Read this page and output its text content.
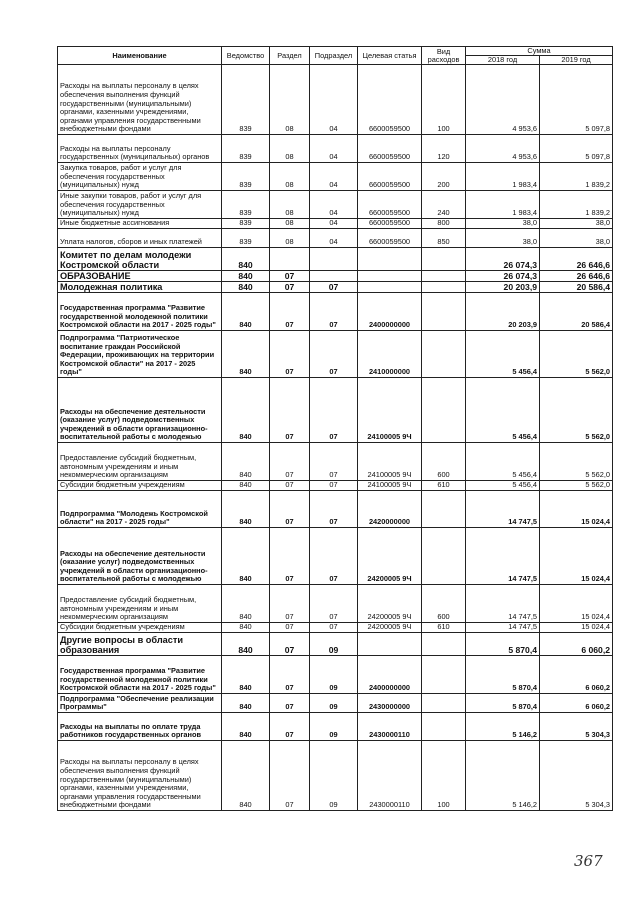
Наименование	Ведомство	Раздел	Подраздел	Целевая статья	Вид расходов	Сумма	
						2018 год	2019 год
Расходы на выплаты персоналу в целях обеспечения выполнения функций государственными (муниципальными) органами, казенными учреждениями, органами управления государственными внебюджетными фондами	839	08	04	6600059500	100	4 953,6	5 097,8
Расходы на выплаты персоналу государственных (муниципальных) органов	839	08	04	6600059500	120	4 953,6	5 097,8
Закупка товаров, работ и услуг для обеспечения государственных (муниципальных) нужд	839	08	04	6600059500	200	1 983,4	1 839,2
Иные закупки товаров, работ и услуг для обеспечения государственных (муниципальных) нужд	839	08	04	6600059500	240	1 983,4	1 839,2
Иные бюджетные ассигнования	839	08	04	6600059500	800	38,0	38,0
Уплата налогов, сборов и иных платежей	839	08	04	6600059500	850	38,0	38,0
Комитет по делам молодежи Костромской области	840					26 074,3	26 646,6
ОБРАЗОВАНИЕ	840	07				26 074,3	26 646,6
Молодежная политика	840	07	07			20 203,9	20 586,4
Государственная программа "Развитие государственной молодежной политики Костромской области на 2017 - 2025 годы"	840	07	07	2400000000		20 203,9	20 586,4
Подпрограмма "Патриотическое воспитание граждан Российской Федерации, проживающих на территории Костромской области" на 2017 - 2025 годы"	840	07	07	2410000000		5 456,4	5 562,0
Расходы на обеспечение деятельности (оказание услуг) подведомственных учреждений в области организационно-воспитательной работы с молодежью	840	07	07	24100005 9Ч		5 456,4	5 562,0
Предоставление субсидий бюджетным, автономным учреждениям и иным некоммерческим организациям	840	07	07	24100005 9Ч	600	5 456,4	5 562,0
Субсидии бюджетным учреждениям	840	07	07	24100005 9Ч	610	5 456,4	5 562,0
Подпрограмма "Молодежь Костромской области" на 2017 - 2025 годы"	840	07	07	2420000000		14 747,5	15 024,4
Расходы на обеспечение деятельности (оказание услуг) подведомственных учреждений в области организационно-воспитательной работы с молодежью	840	07	07	24200005 9Ч		14 747,5	15 024,4
Предоставление субсидий бюджетным, автономным учреждениям и иным некоммерческим организациям	840	07	07	24200005 9Ч	600	14 747,5	15 024,4
Субсидии бюджетным учреждениям	840	07	07	24200005 9Ч	610	14 747,5	15 024,4
Другие вопросы в области образования	840	07	09			5 870,4	6 060,2
Государственная программа "Развитие государственной молодежной политики Костромской области на 2017 - 2025 годы"	840	07	09	2400000000		5 870,4	6 060,2
Подпрограмма "Обеспечение реализации Программы"	840	07	09	2430000000		5 870,4	6 060,2
Расходы на выплаты по оплате труда работников государственных органов	840	07	09	2430000110		5 146,2	5 304,3
Расходы на выплаты персоналу в целях обеспечения выполнения функций государственными (муниципальными) органами, казенными учреждениями, органами управления государственными внебюджетными фондами	840	07	09	2430000110	100	5 146,2	5 304,3
367
